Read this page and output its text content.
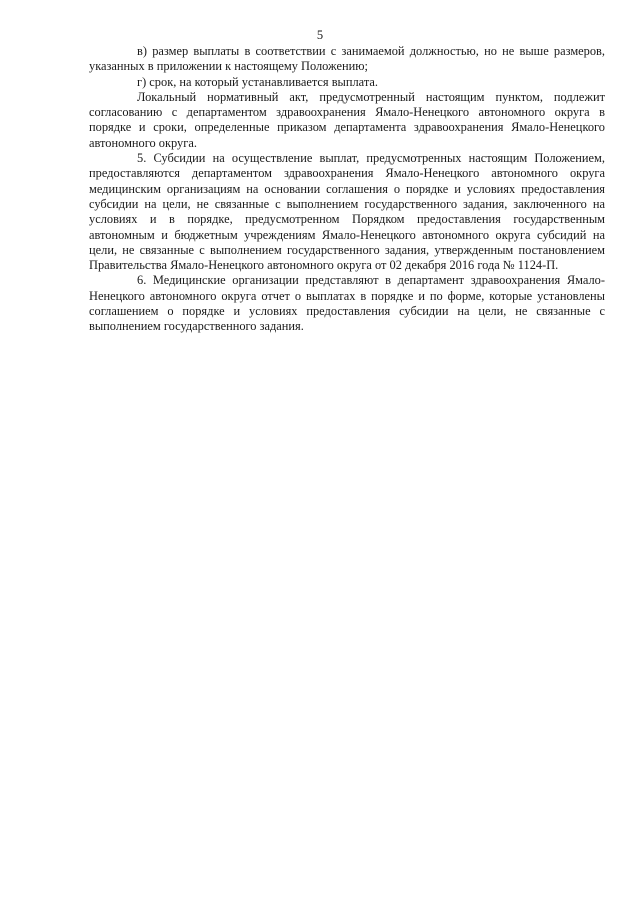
5

в) размер выплаты в соответствии с занимаемой должностью, но не выше размеров, указанных в приложении к настоящему Положению;

г) срок, на который устанавливается выплата.

Локальный нормативный акт, предусмотренный настоящим пунктом, подлежит согласованию с департаментом здравоохранения Ямало-Ненецкого автономного округа в порядке и сроки, определенные приказом департамента здравоохранения Ямало-Ненецкого автономного округа.

5. Субсидии на осуществление выплат, предусмотренных настоящим Положением, предоставляются департаментом здравоохранения Ямало-Ненецкого автономного округа медицинским организациям на основании соглашения о порядке и условиях предоставления субсидии на цели, не связанные с выполнением государственного задания, заключенного на условиях и в порядке, предусмотренном Порядком предоставления государственным автономным и бюджетным учреждениям Ямало-Ненецкого автономного округа субсидий на цели, не связанные с выполнением государственного задания, утвержденным постановлением Правительства Ямало-Ненецкого автономного округа от 02 декабря 2016 года № 1124-П.

6. Медицинские организации представляют в департамент здравоохранения Ямало-Ненецкого автономного округа отчет о выплатах в порядке и по форме, которые установлены соглашением о порядке и условиях предоставления субсидии на цели, не связанные с выполнением государственного задания.
